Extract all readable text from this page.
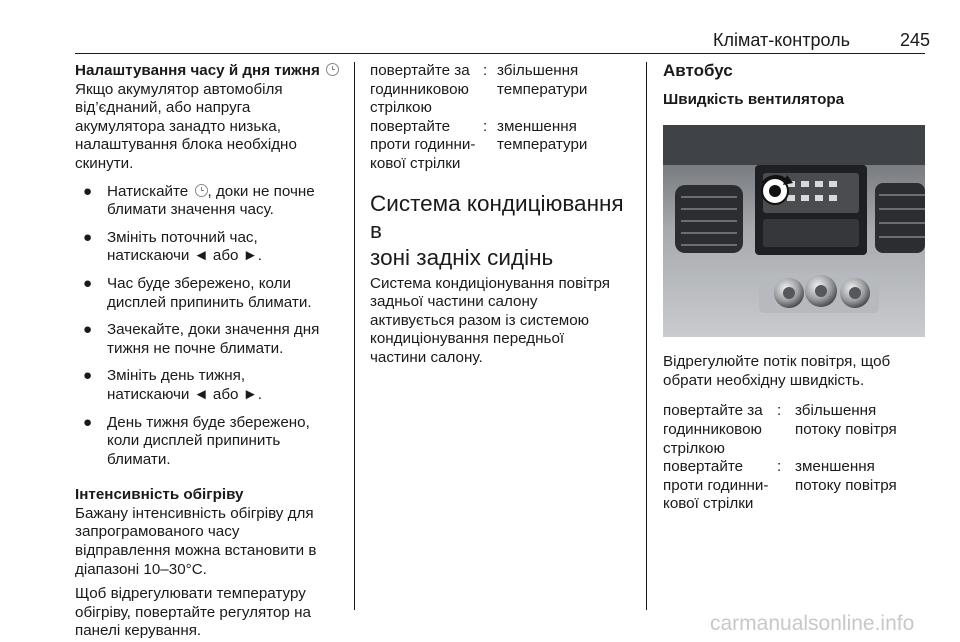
Клімат-контроль	245

Налаштування часу й дня тижня

Якщо акумулятор автомобіля

від’єднаний, або напруга

акумулятора занадто низька,

налаштування блока необхідно

скинути.

● Натискайте , доки не почне

блимати значення часу.

● Змініть поточний час,

натискаючи ◄ або ►.

● Час буде збережено, коли

дисплей припинить блимати.

● Зачекайте, доки значення дня

тижня не почне блимати.

● Змініть день тижня,

натискаючи ◄ або ►.

● День тижня буде збережено,

коли дисплей припинить

блимати.

Інтенсивність обігріву

Бажану інтенсивність обігріву для

запрограмованого часу

відправлення можна встановити в

діапазоні 10–30°C.

Щоб відрегулювати температуру

обігріву, повертайте регулятор на

панелі керування.

повертайте за

годинниковою

стрілкою

: збільшення

температури

повертайте

проти годинни-

кової стрілки

: зменшення

температури

Система кондиціювання в

зоні задніх сидінь

Система кондиціонування повітря

задньої частини салону

активується разом із системою

кондиціонування передньої

частини салону.

Автобус

Швидкість вентилятора

Відрегулюйте потік повітря, щоб

обрати необхідну швидкість.

повертайте за

годинниковою

стрілкою

: збільшення

потоку повітря

повертайте

проти годинни-

кової стрілки

: зменшення

потоку повітря

carmanualsonline.info
